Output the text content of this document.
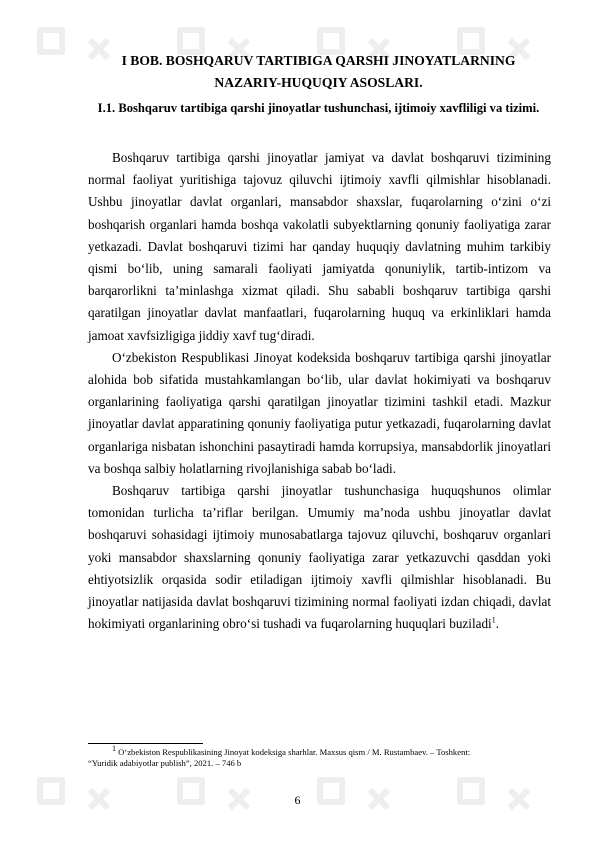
I BOB. BOSHQARUV TARTIBIGA QARSHI JINOYATLARNING NAZARIY-HUQUQIY ASOSLARI.
I.1. Boshqaruv tartibiga qarshi jinoyatlar tushunchasi, ijtimoiy xavfliligi va tizimi.

Boshqaruv tartibiga qarshi jinoyatlar jamiyat va davlat boshqaruvi tizimining normal faoliyat yuritishiga tajovuz qiluvchi ijtimoiy xavfli qilmishlar hisoblanadi. Ushbu jinoyatlar davlat organlari, mansabdor shaxslar, fuqarolarning o‘zini o‘zi boshqarish organlari hamda boshqa vakolatli subyektlarning qonuniy faoliyatiga zarar yetkazadi. Davlat boshqaruvi tizimi har qanday huquqiy davlatning muhim tarkibiy qismi bo‘lib, uning samarali faoliyati jamiyatda qonuniylik, tartib-intizom va barqarorlikni ta’minlashga xizmat qiladi. Shu sababli boshqaruv tartibiga qarshi qaratilgan jinoyatlar davlat manfaatlari, fuqarolarning huquq va erkinliklari hamda jamoat xavfsizligiga jiddiy xavf tug‘diradi.

O‘zbekiston Respublikasi Jinoyat kodeksida boshqaruv tartibiga qarshi jinoyatlar alohida bob sifatida mustahkamlangan bo‘lib, ular davlat hokimiyati va boshqaruv organlarining faoliyatiga qarshi qaratilgan jinoyatlar tizimini tashkil etadi. Mazkur jinoyatlar davlat apparatining qonuniy faoliyatiga putur yetkazadi, fuqarolarning davlat organlariga nisbatan ishonchini pasaytiradi hamda korrupsiya, mansabdorlik jinoyatlari va boshqa salbiy holatlarning rivojlanishiga sabab bo‘ladi.

Boshqaruv tartibiga qarshi jinoyatlar tushunchasiga huquqshunos olimlar tomonidan turlicha ta’riflar berilgan. Umumiy ma’noda ushbu jinoyatlar davlat boshqaruvi sohasidagi ijtimoiy munosabatlarga tajovuz qiluvchi, boshqaruv organlari yoki mansabdor shaxslarning qonuniy faoliyatiga zarar yetkazuvchi qasddan yoki ehtiyotsizlik orqasida sodir etiladigan ijtimoiy xavfli qilmishlar hisoblanadi. Bu jinoyatlar natijasida davlat boshqaruvi tizimining normal faoliyati izdan chiqadi, davlat hokimiyati organlarining obro‘si tushadi va fuqarolarning huquqlari buziladi$^1$.

$^1$ O‘zbekiston Respublikasining Jinoyat kodeksiga sharhlar. Maxsus qism / M. Rustambaev. – Toshkent:
“Yuridik adabiyotlar publish”, 2021. – 746 b
6
